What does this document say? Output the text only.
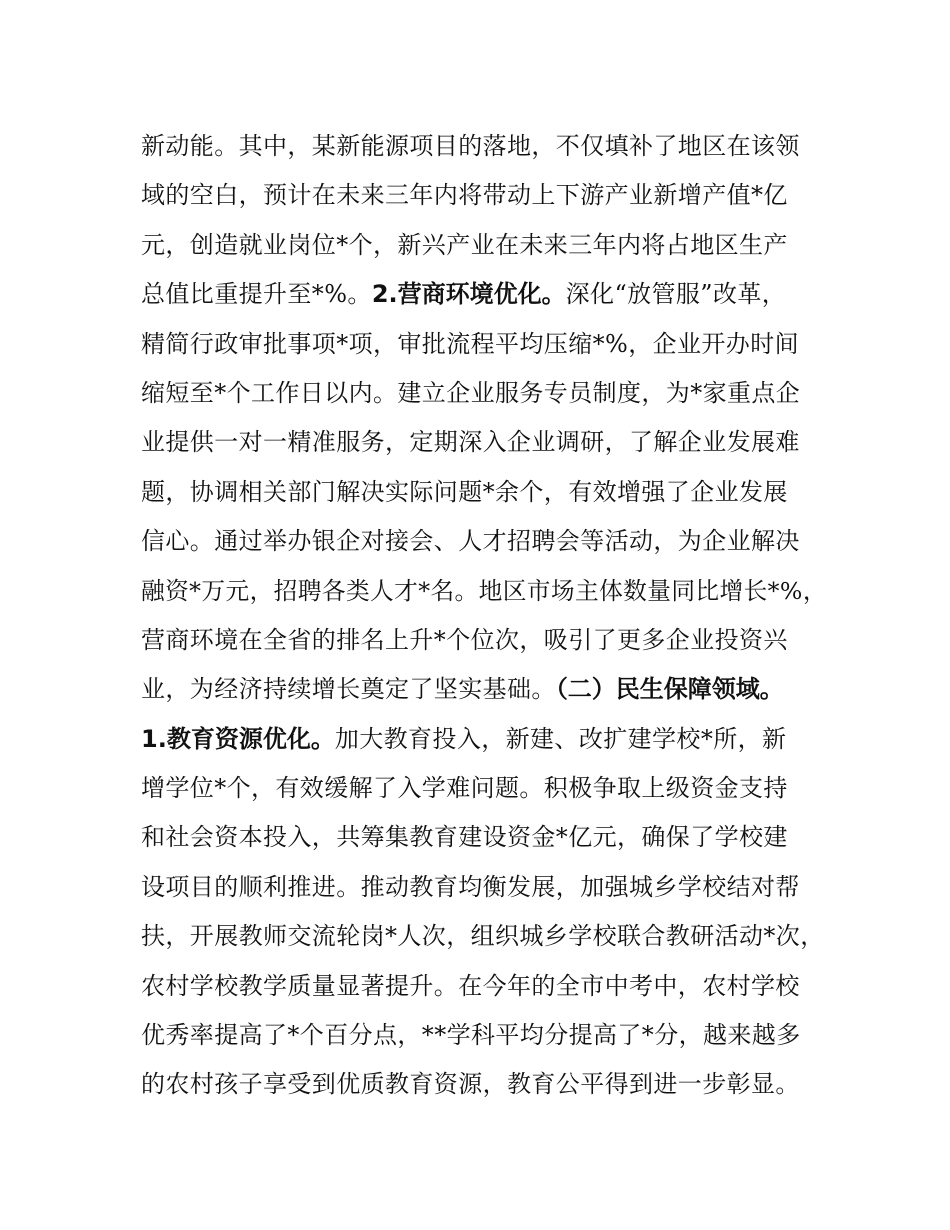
新动能。其中，某新能源项目的落地，不仅填补了地区在该领
域的空白，预计在未来三年内将带动上下游产业新增产值*亿
元，创造就业岗位*个，新兴产业在未来三年内将占地区生产
总值比重提升至*%。2.营商环境优化。深化“放管服”改革，
精简行政审批事项*项，审批流程平均压缩*%，企业开办时间
缩短至*个工作日以内。建立企业服务专员制度，为*家重点企
业提供一对一精准服务，定期深入企业调研，了解企业发展难
题，协调相关部门解决实际问题*余个，有效增强了企业发展
信心。通过举办银企对接会、人才招聘会等活动，为企业解决
融资*万元，招聘各类人才*名。地区市场主体数量同比增长*%，
营商环境在全省的排名上升*个位次，吸引了更多企业投资兴
业，为经济持续增长奠定了坚实基础。（二）民生保障领域。
1.教育资源优化。加大教育投入，新建、改扩建学校*所，新
增学位*个，有效缓解了入学难问题。积极争取上级资金支持
和社会资本投入，共筹集教育建设资金*亿元，确保了学校建
设项目的顺利推进。推动教育均衡发展，加强城乡学校结对帮
扶，开展教师交流轮岗*人次，组织城乡学校联合教研活动*次，
农村学校教学质量显著提升。在今年的全市中考中，农村学校
优秀率提高了*个百分点，**学科平均分提高了*分，越来越多
的农村孩子享受到优质教育资源，教育公平得到进一步彰显。
